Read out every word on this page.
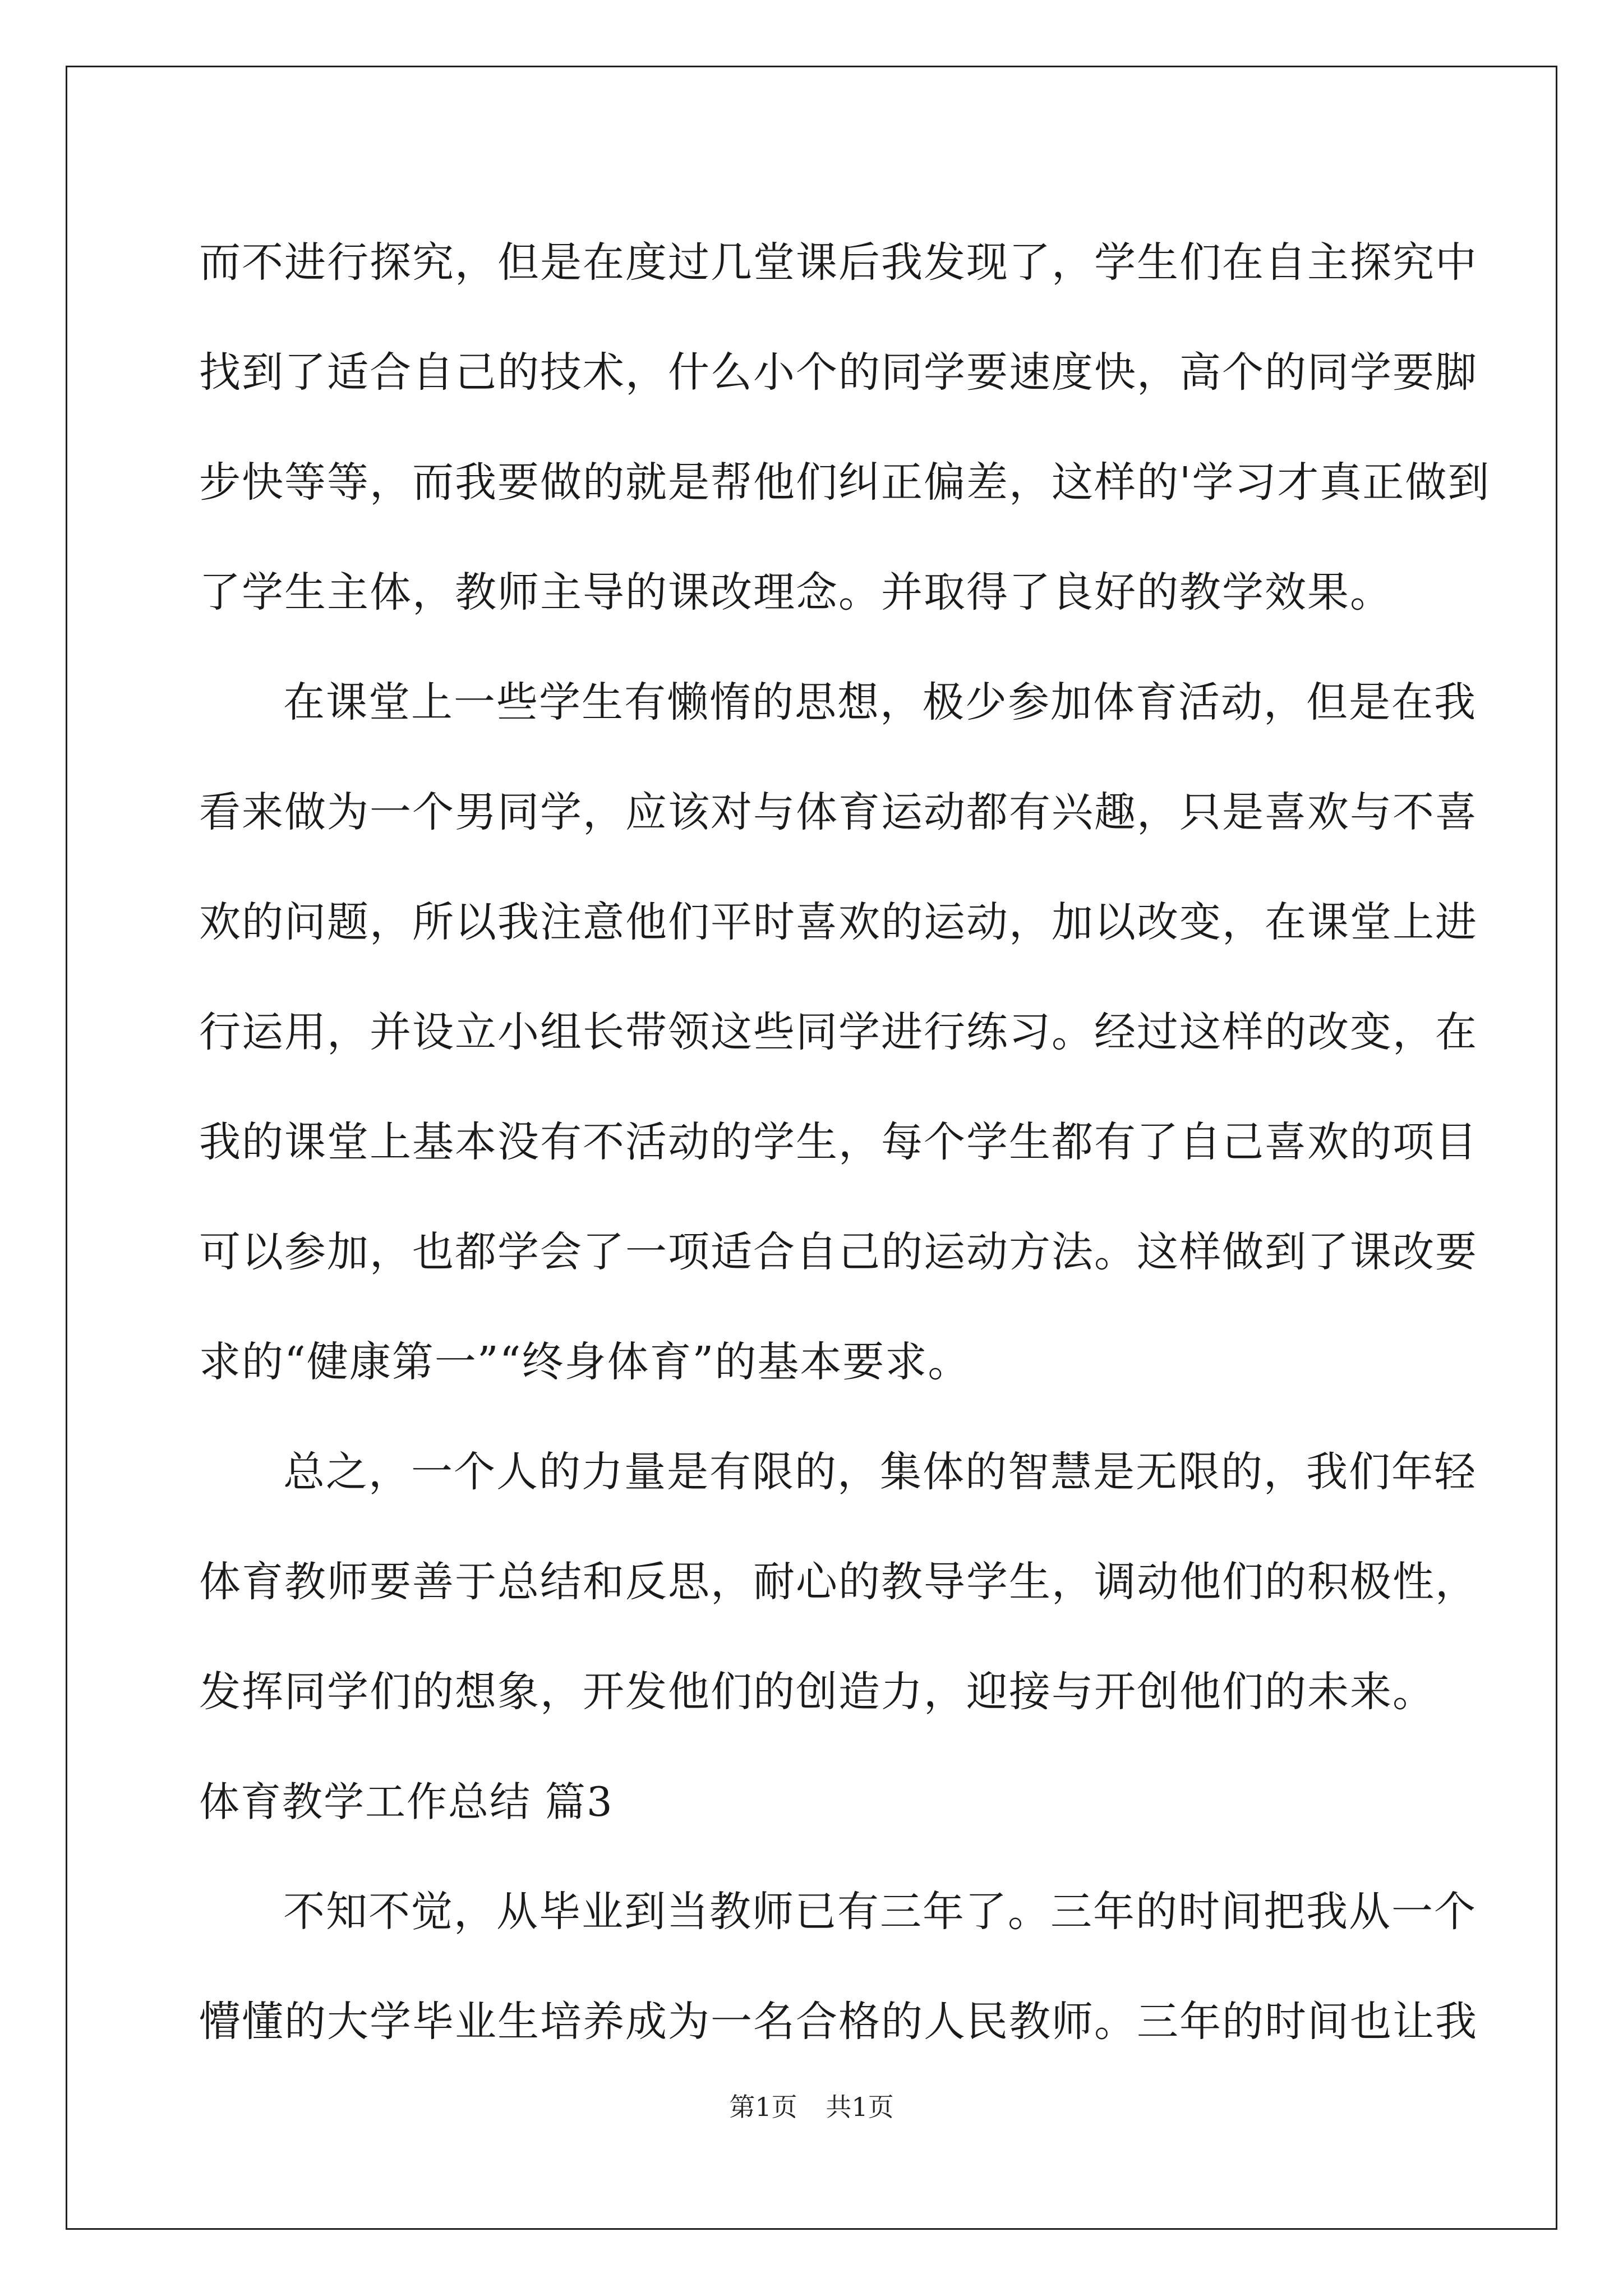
而不进行探究，但是在度过几堂课后我发现了，学生们在自主探究中
找到了适合自己的技术，什么小个的同学要速度快，高个的同学要脚
步快等等，而我要做的就是帮他们纠正偏差，这样的'学习才真正做到
了学生主体，教师主导的课改理念。并取得了良好的教学效果。
在课堂上一些学生有懒惰的思想，极少参加体育活动，但是在我
看来做为一个男同学，应该对与体育运动都有兴趣，只是喜欢与不喜
欢的问题，所以我注意他们平时喜欢的运动，加以改变，在课堂上进
行运用，并设立小组长带领这些同学进行练习。经过这样的改变，在
我的课堂上基本没有不活动的学生，每个学生都有了自己喜欢的项目
可以参加，也都学会了一项适合自己的运动方法。这样做到了课改要
求的“健康第一”“终身体育”的基本要求。
总之，一个人的力量是有限的，集体的智慧是无限的，我们年轻
体育教师要善于总结和反思，耐心的教导学生，调动他们的积极性，
发挥同学们的想象，开发他们的创造力，迎接与开创他们的未来。
体育教学工作总结 篇3
不知不觉，从毕业到当教师已有三年了。三年的时间把我从一个
懵懂的大学毕业生培养成为一名合格的人民教师。三年的时间也让我
第1页 共1页
